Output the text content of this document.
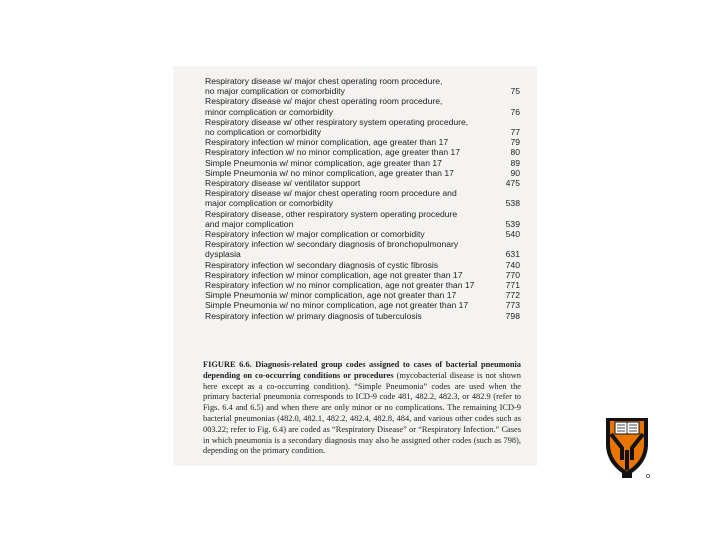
Respiratory disease w/ major chest operating room procedure,
no major complication or comorbidity	75
Respiratory disease w/ major chest operating room procedure,
minor complication or comorbidity	76
Respiratory disease w/ other respiratory system operating procedure,
no complication or comorbidity	77
Respiratory infection w/ minor complication, age greater than 17	79
Respiratory infection w/ no minor complication, age greater than 17	80
Simple Pneumonia w/ minor complication, age greater than 17	89
Simple Pneumonia w/ no minor complication, age greater than 17	90
Respiratory disease w/ ventilator support	475
Respiratory disease w/ major chest operating room procedure and
major complication or comorbidity	538
Respiratory disease, other respiratory system operating procedure
and major complication	539
Respiratory infection w/ major complication or comorbidity	540
Respiratory infection w/ secondary diagnosis of bronchopulmonary
dysplasia	631
Respiratory infection w/ secondary diagnosis of cystic fibrosis	740
Respiratory infection w/ minor complication, age not greater than 17	770
Respiratory infection w/ no minor complication, age not greater than 17	771
Simple Pneumonia w/ minor complication, age not greater than 17	772
Simple Pneumonia w/ no minor complication, age not greater than 17	773
Respiratory infection w/ primary diagnosis of tuberculosis	798
FIGURE 6.6. Diagnosis-related group codes assigned to cases of bacterial pneumonia depending on co-occurring conditions or procedures (mycobacterial disease is not shown here except as a co-occurring condition). “Simple Pneumonia” codes are used when the primary bacterial pneumonia corresponds to ICD-9 code 481, 482.2, 482.3, or 482.9 (refer to Figs. 6.4 and 6.5) and when there are only minor or no complications. The remaining ICD-9 bacterial pneumonias (482.0, 482.1, 482.2, 482.4, 482.8, 484, and various other codes such as 003.22; refer to Fig. 6.4) are coded as “Respiratory Disease” or “Respiratory Infection.” Cases in which pneumonia is a secondary diagnosis may also be assigned other codes (such as 798), depending on the primary condition.
